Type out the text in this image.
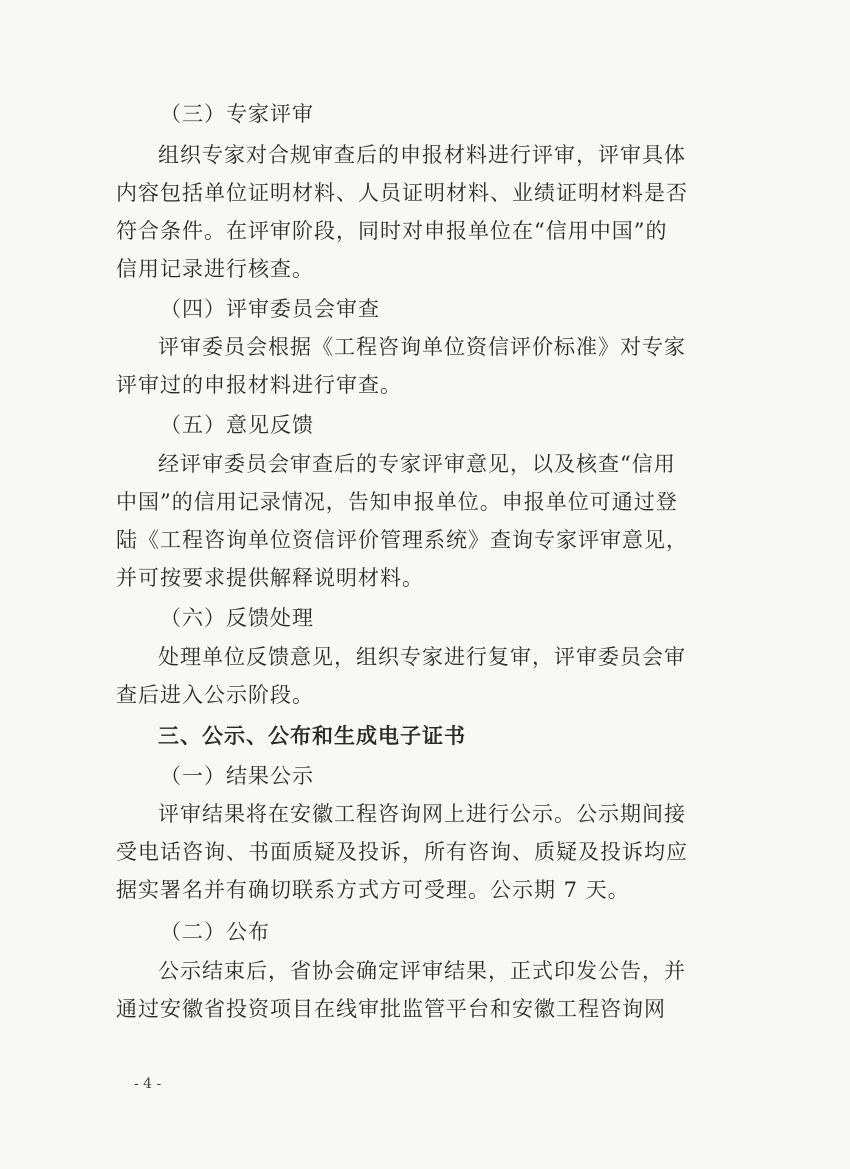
（三）专家评审
组织专家对合规审查后的申报材料进行评审，评审具体
内容包括单位证明材料、人员证明材料、业绩证明材料是否
符合条件。在评审阶段，同时对申报单位在“信用中国”的
信用记录进行核查。
（四）评审委员会审查
评审委员会根据《工程咨询单位资信评价标准》对专家
评审过的申报材料进行审查。
（五）意见反馈
经评审委员会审查后的专家评审意见，以及核查“信用
中国”的信用记录情况，告知申报单位。申报单位可通过登
陆《工程咨询单位资信评价管理系统》查询专家评审意见，
并可按要求提供解释说明材料。
（六）反馈处理
处理单位反馈意见，组织专家进行复审，评审委员会审
查后进入公示阶段。
三、公示、公布和生成电子证书
（一）结果公示
评审结果将在安徽工程咨询网上进行公示。公示期间接
受电话咨询、书面质疑及投诉，所有咨询、质疑及投诉均应
据实署名并有确切联系方式方可受理。公示期 7 天。
（二）公布
公示结束后，省协会确定评审结果，正式印发公告，并
通过安徽省投资项目在线审批监管平台和安徽工程咨询网
- 4 -
